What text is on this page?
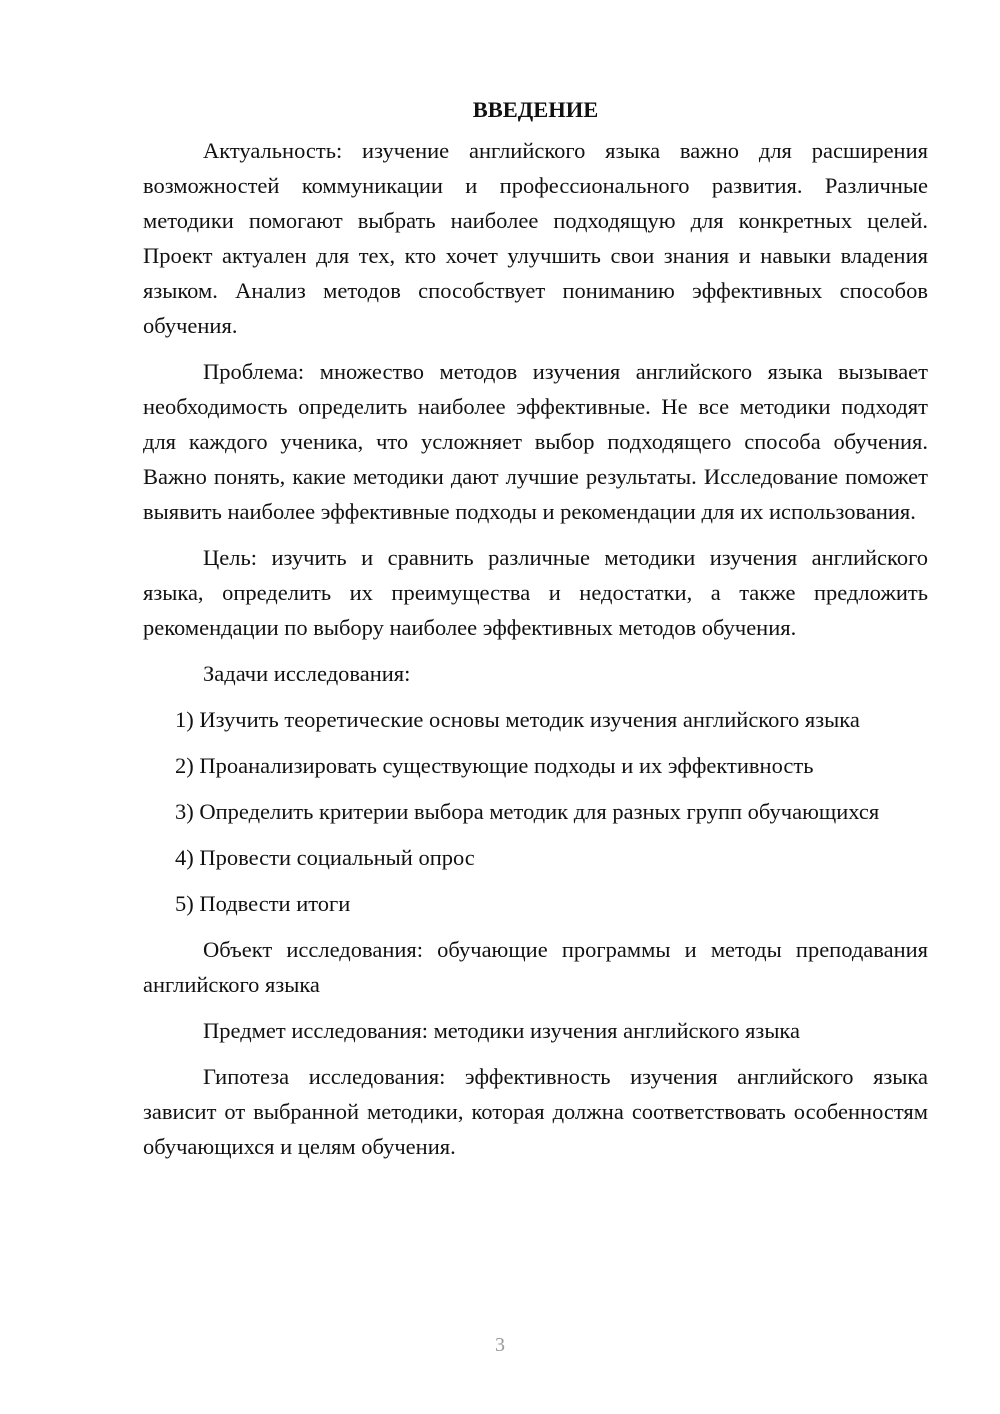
ВВЕДЕНИЕ

Актуальность: изучение английского языка важно для расширения возможностей коммуникации и профессионального развития. Различные методики помогают выбрать наиболее подходящую для конкретных целей. Проект актуален для тех, кто хочет улучшить свои знания и навыки владения языком. Анализ методов способствует пониманию эффективных способов обучения.

Проблема: множество методов изучения английского языка вызывает необходимость определить наиболее эффективные. Не все методики подходят для каждого ученика, что усложняет выбор подходящего способа обучения. Важно понять, какие методики дают лучшие результаты. Исследование поможет выявить наиболее эффективные подходы и рекомендации для их использования.

Цель: изучить и сравнить различные методики изучения английского языка, определить их преимущества и недостатки, а также предложить рекомендации по выбору наиболее эффективных методов обучения.

Задачи исследования:

1) Изучить теоретические основы методик изучения английского языка

2) Проанализировать существующие подходы и их эффективность

3) Определить критерии выбора методик для разных групп обучающихся

4) Провести социальный опрос

5) Подвести итоги

Объект исследования: обучающие программы и методы преподавания английского языка

Предмет исследования: методики изучения английского языка

Гипотеза исследования: эффективность изучения английского языка зависит от выбранной методики, которая должна соответствовать особенностям обучающихся и целям обучения.

3
